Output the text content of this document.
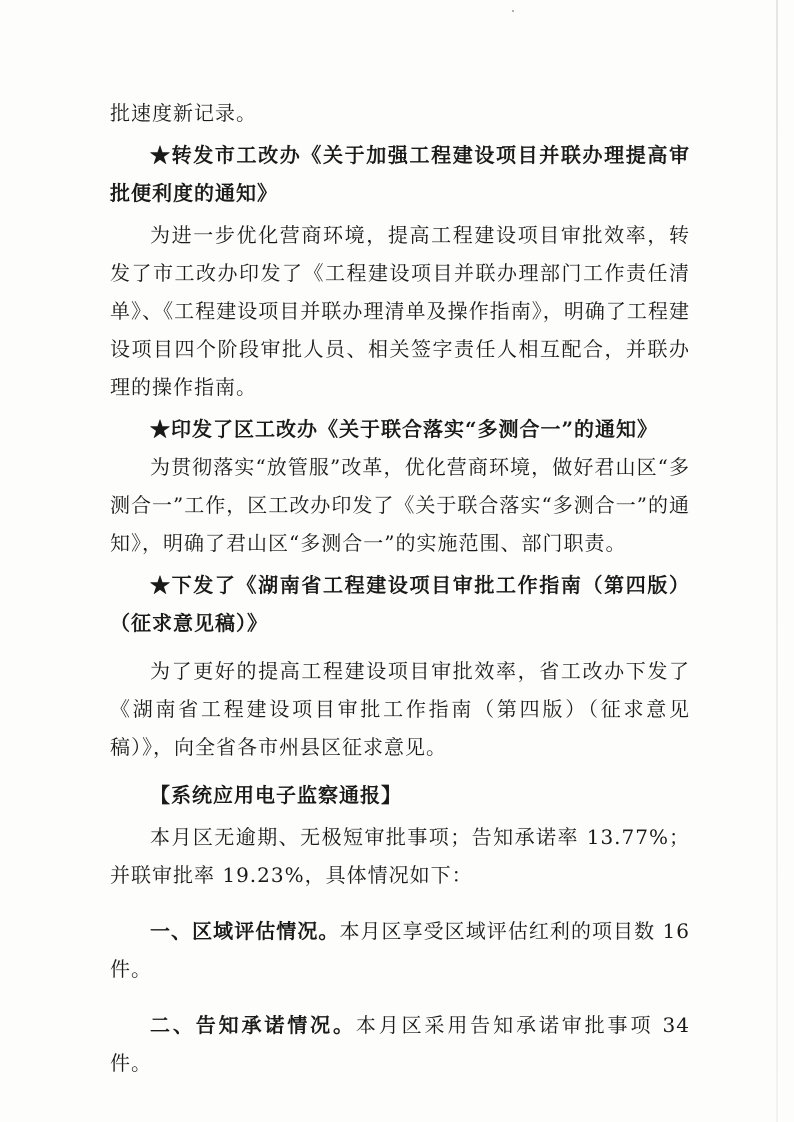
批速度新记录。

★转发市工改办《关于加强工程建设项目并联办理提高审批便利度的通知》

为进一步优化营商环境，提高工程建设项目审批效率，转发了市工改办印发了《工程建设项目并联办理部门工作责任清单》、《工程建设项目并联办理清单及操作指南》，明确了工程建设项目四个阶段审批人员、相关签字责任人相互配合，并联办理的操作指南。

★印发了区工改办《关于联合落实“多测合一”的通知》

为贯彻落实“放管服”改革，优化营商环境，做好君山区“多测合一”工作，区工改办印发了《关于联合落实“多测合一”的通知》，明确了君山区“多测合一”的实施范围、部门职责。

★下发了《湖南省工程建设项目审批工作指南（第四版）（征求意见稿）》

为了更好的提高工程建设项目审批效率，省工改办下发了《湖南省工程建设项目审批工作指南（第四版）（征求意见稿）》，向全省各市州县区征求意见。

【系统应用电子监察通报】

本月区无逾期、无极短审批事项；告知承诺率 13.77%；并联审批率 19.23%，具体情况如下：

一、区域评估情况。本月区享受区域评估红利的项目数 16 件。

二、告知承诺情况。本月区采用告知承诺审批事项 34 件。
